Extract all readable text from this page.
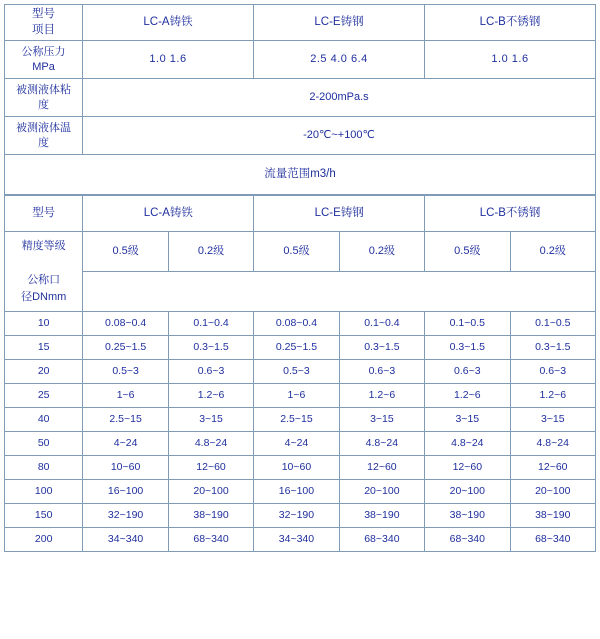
型号
项目	LC-A铸铁	LC-E铸钢	LC-B不锈钢

公称压力
MPa	1.0 1.6	2.5 4.0 6.4	1.0 1.6

被测液体粘
度	2-200mPa.s		

被测液体温
度	-20℃~+100℃		
流量范围m3/h			
型号	LC-A铸铁		LC-E铸钢		LC-B不锈钢	

精度等级
公称口
径DNmm	0.5级	0.2级	0.5级	0.2级	0.5级	0.2级

10	0.08~0.4	0.1~0.4	0.08~0.4	0.1~0.4	0.1~0.5	0.1~0.5
15	0.25~1.5	0.3~1.5	0.25~1.5	0.3~1.5	0.3~1.5	0.3~1.5
20	0.5~3	0.6~3	0.5~3	0.6~3	0.6~3	0.6~3
25	1~6	1.2~6	1~6	1.2~6	1.2~6	1.2~6
40	2.5~15	3~15	2.5~15	3~15	3~15	3~15
50	4~24	4.8~24	4~24	4.8~24	4.8~24	4.8~24
80	10~60	12~60	10~60	12~60	12~60	12~60
100	16~100	20~100	16~100	20~100	20~100	20~100
150	32~190	38~190	32~190	38~190	38~190	38~190
200	34~340	68~340	34~340	68~340	68~340	68~340
